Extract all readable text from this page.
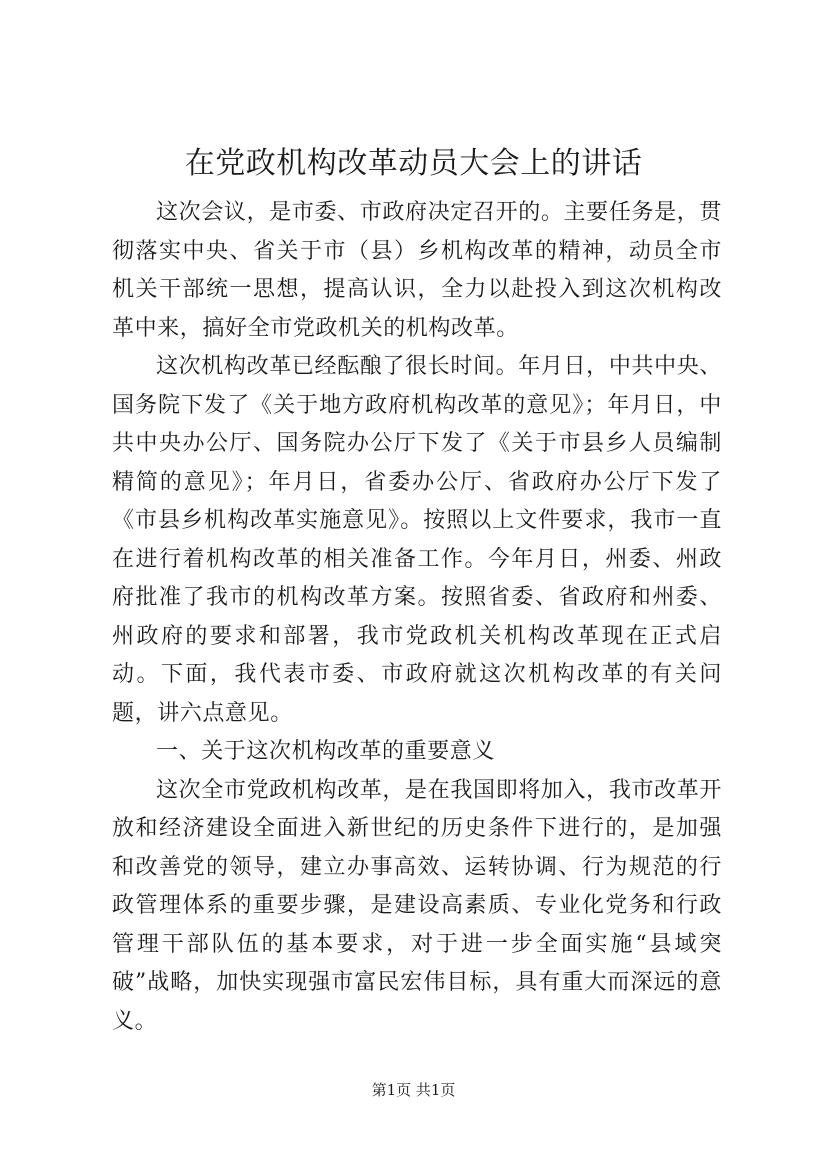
在党政机构改革动员大会上的讲话

这次会议，是市委、市政府决定召开的。主要任务是，贯彻落实中央、省关于市（县）乡机构改革的精神，动员全市机关干部统一思想，提高认识，全力以赴投入到这次机构改革中来，搞好全市党政机关的机构改革。

这次机构改革已经酝酿了很长时间。年月日，中共中央、国务院下发了《关于地方政府机构改革的意见》；年月日，中共中央办公厅、国务院办公厅下发了《关于市县乡人员编制精简的意见》；年月日，省委办公厅、省政府办公厅下发了《市县乡机构改革实施意见》。按照以上文件要求，我市一直在进行着机构改革的相关准备工作。今年月日，州委、州政府批准了我市的机构改革方案。按照省委、省政府和州委、州政府的要求和部署，我市党政机关机构改革现在正式启动。下面，我代表市委、市政府就这次机构改革的有关问题，讲六点意见。

一、关于这次机构改革的重要意义

这次全市党政机构改革，是在我国即将加入，我市改革开放和经济建设全面进入新世纪的历史条件下进行的，是加强和改善党的领导，建立办事高效、运转协调、行为规范的行政管理体系的重要步骤，是建设高素质、专业化党务和行政管理干部队伍的基本要求，对于进一步全面实施“县域突破”战略，加快实现强市富民宏伟目标，具有重大而深远的意义。

第1页 共1页
